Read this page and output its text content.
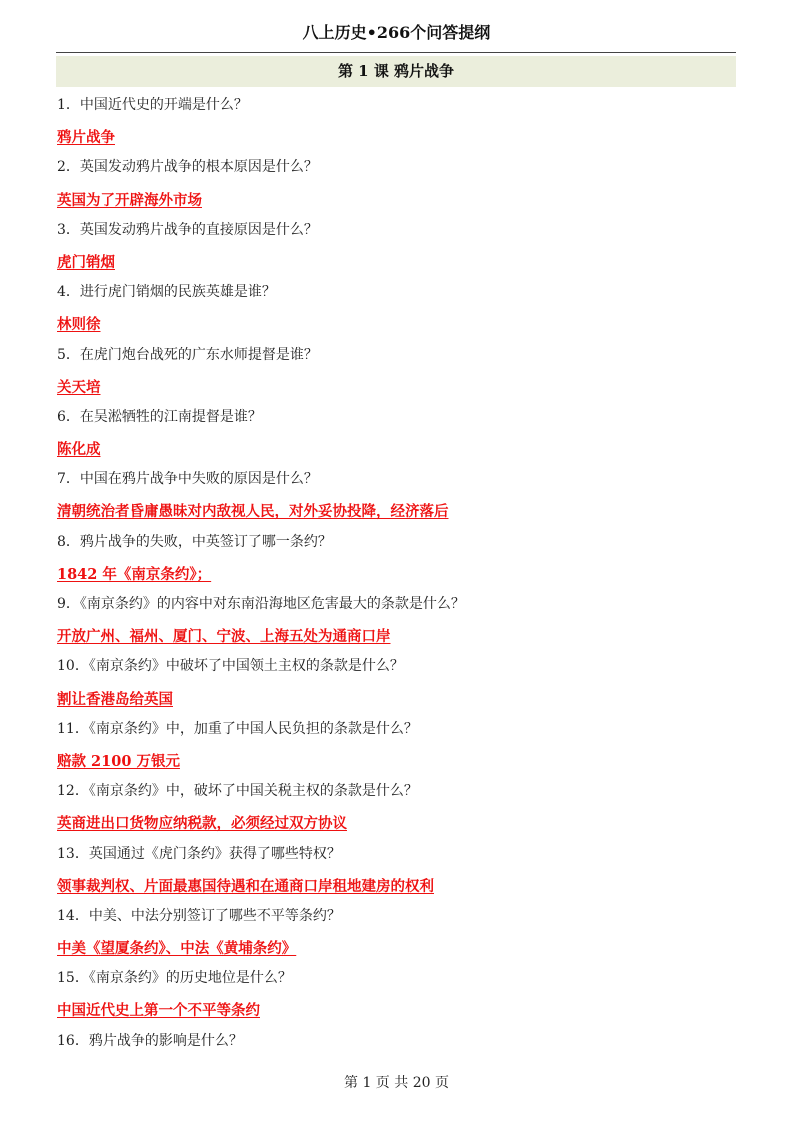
八上历史•266个问答提纲
第 1 课 鸦片战争
1．中国近代史的开端是什么？
鸦片战争
2．英国发动鸦片战争的根本原因是什么？
英国为了开辟海外市场
3．英国发动鸦片战争的直接原因是什么？
虎门销烟
4．进行虎门销烟的民族英雄是谁？
林则徐
5．在虎门炮台战死的广东水师提督是谁？
关天培
6．在吴淞牺牲的江南提督是谁？
陈化成
7．中国在鸦片战争中失败的原因是什么？
清朝统治者昏庸愚昧对内敌视人民，对外妥协投降，经济落后
8．鸦片战争的失败，中英签订了哪一条约？
1842 年《南京条约》；
9．《南京条约》的内容中对东南沿海地区危害最大的条款是什么？
开放广州、福州、厦门、宁波、上海五处为通商口岸
10．《南京条约》中破坏了中国领土主权的条款是什么？
割让香港岛给英国
11．《南京条约》中，加重了中国人民负担的条款是什么？
赔款 2100 万银元
12．《南京条约》中，破坏了中国关税主权的条款是什么？
英商进出口货物应纳税款，必须经过双方协议
13．英国通过《虎门条约》获得了哪些特权？
领事裁判权、片面最惠国待遇和在通商口岸租地建房的权利
14．中美、中法分别签订了哪些不平等条约？
中美《望厦条约》、中法《黄埔条约》
15．《南京条约》的历史地位是什么？
中国近代史上第一个不平等条约
16．鸦片战争的影响是什么？
第 1 页 共 20 页
